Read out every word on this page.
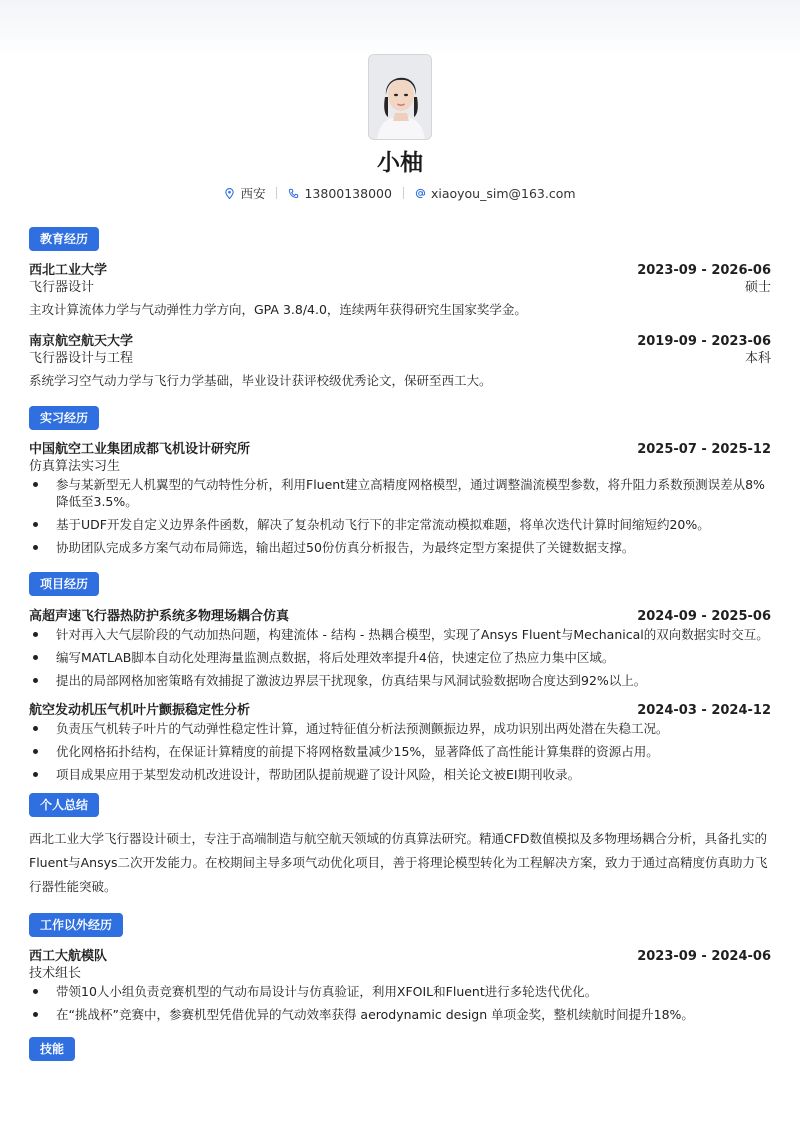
小柚
西安	13800138000	xiaoyou_sim@163.com
教育经历
西北工业大学	2023-09 - 2026-06
飞行器设计	硕士
主攻计算流体力学与气动弹性力学方向，GPA 3.8/4.0，连续两年获得研究生国家奖学金。
南京航空航天大学	2019-09 - 2023-06
飞行器设计与工程	本科
系统学习空气动力学与飞行力学基础，毕业设计获评校级优秀论文，保研至西工大。
实习经历
中国航空工业集团成都飞机设计研究所	2025-07 - 2025-12
仿真算法实习生
参与某新型无人机翼型的气动特性分析，利用Fluent建立高精度网格模型，通过调整湍流模型参数，将升阻力系数预测误差从8%降低至3.5%。
基于UDF开发自定义边界条件函数，解决了复杂机动飞行下的非定常流动模拟难题，将单次迭代计算时间缩短约20%。
协助团队完成多方案气动布局筛选，输出超过50份仿真分析报告，为最终定型方案提供了关键数据支撑。
项目经历
高超声速飞行器热防护系统多物理场耦合仿真	2024-09 - 2025-06
针对再入大气层阶段的气动加热问题，构建流体 - 结构 - 热耦合模型，实现了Ansys Fluent与Mechanical的双向数据实时交互。
编写MATLAB脚本自动化处理海量监测点数据，将后处理效率提升4倍，快速定位了热应力集中区域。
提出的局部网格加密策略有效捕捉了激波边界层干扰现象，仿真结果与风洞试验数据吻合度达到92%以上。
航空发动机压气机叶片颤振稳定性分析	2024-03 - 2024-12
负责压气机转子叶片的气动弹性稳定性计算，通过特征值分析法预测颤振边界，成功识别出两处潜在失稳工况。
优化网格拓扑结构，在保证计算精度的前提下将网格数量减少15%，显著降低了高性能计算集群的资源占用。
项目成果应用于某型发动机改进设计，帮助团队提前规避了设计风险，相关论文被EI期刊收录。
个人总结
西北工业大学飞行器设计硕士，专注于高端制造与航空航天领域的仿真算法研究。精通CFD数值模拟及多物理场耦合分析，具备扎实的Fluent与Ansys二次开发能力。在校期间主导多项气动优化项目，善于将理论模型转化为工程解决方案，致力于通过高精度仿真助力飞行器性能突破。
工作以外经历
西工大航模队	2023-09 - 2024-06
技术组长
带领10人小组负责竞赛机型的气动布局设计与仿真验证，利用XFOIL和Fluent进行多轮迭代优化。
在“挑战杯”竞赛中，参赛机型凭借优异的气动效率获得 aerodynamic design 单项金奖，整机续航时间提升18%。
技能
